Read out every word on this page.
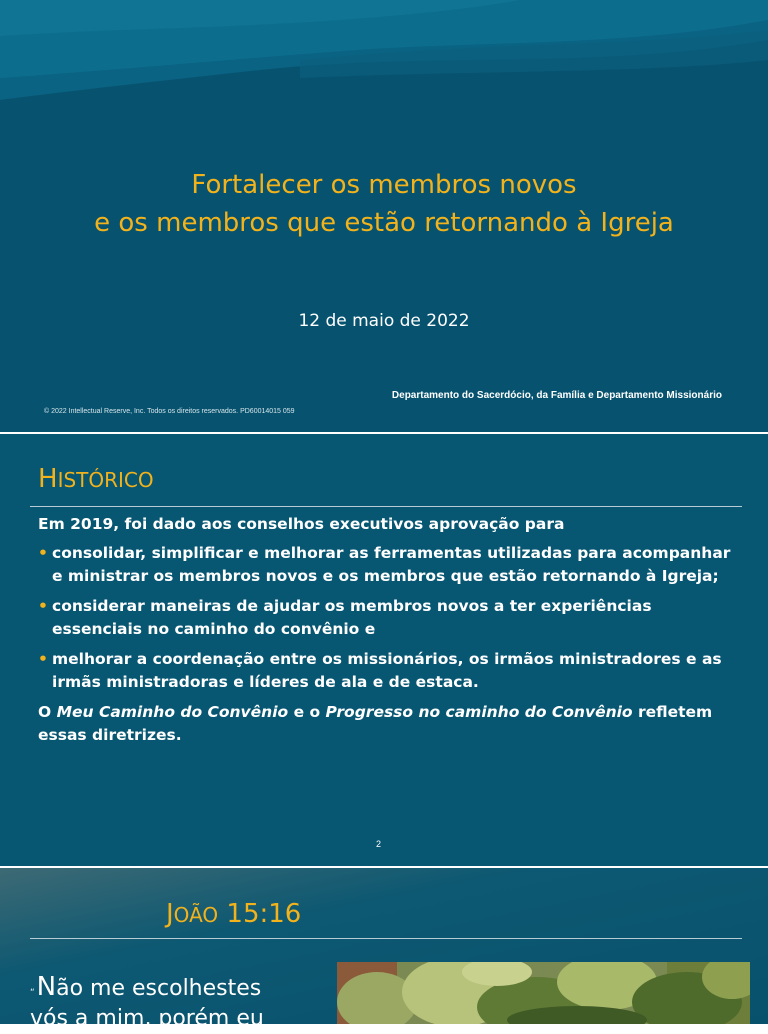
Fortalecer os membros novos
e os membros que estão retornando à Igreja
12 de maio de 2022
Departamento do Sacerdócio, da Família e Departamento Missionário
© 2022 Intellectual Reserve, Inc. Todos os direitos reservados. PD60014015 059
HISTÓRICO

Em 2019, foi dado aos conselhos executivos aprovação para

• consolidar, simplificar e melhorar as ferramentas utilizadas para acompanhar e ministrar os membros novos e os membros que estão retornando à Igreja;
• considerar maneiras de ajudar os membros novos a ter experiências essenciais no caminho do convênio e
• melhorar a coordenação entre os missionários, os irmãos ministradores e as irmãs ministradoras e líderes de ala e de estaca.

O Meu Caminho do Convênio e o Progresso no caminho do Convênio refletem essas diretrizes.

2
JOÃO 15:16
“Não me escolhestes
vós a mim, porém eu
